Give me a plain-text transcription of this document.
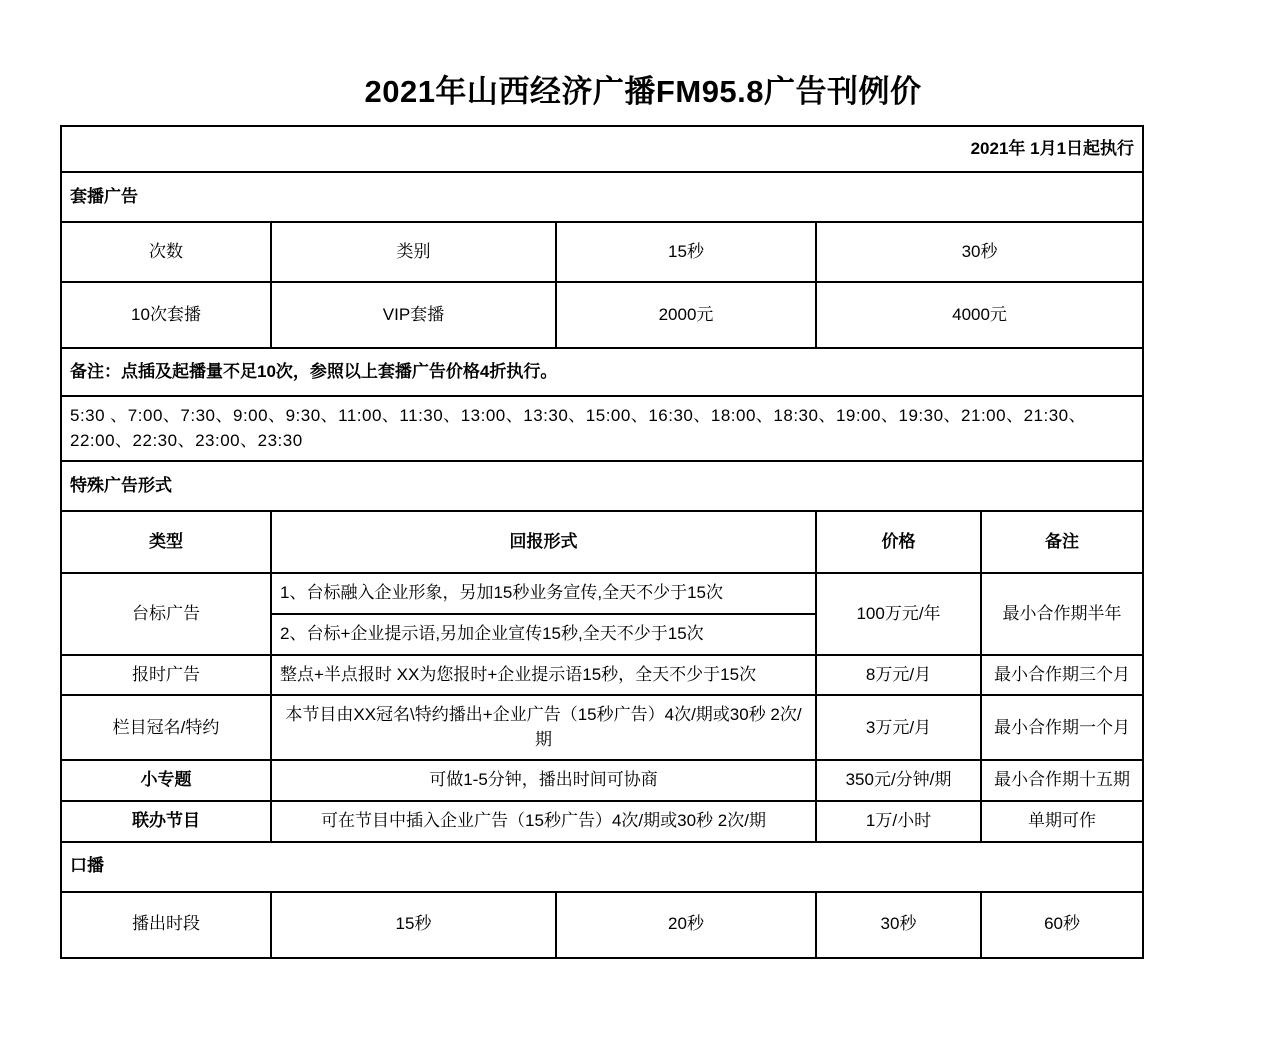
2021年山西经济广播FM95.8广告刊例价
2021年 1月1日起执行				
套播广告				
次数	类别	15秒	30秒	
10次套播	VIP套播	2000元	4000元	
备注：点插及起播量不足10次，参照以上套播广告价格4折执行。				
5:30 、7:00、7:30、9:00、9:30、11:00、11:30、13:00、13:30、15:00、16:30、18:00、18:30、19:00、19:30、21:00、21:30、22:00、22:30、23:00、23:30				
特殊广告形式				
类型	回报形式		价格	备注
台标广告	1、台标融入企业形象，另加15秒业务宣传,全天不少于15次		100万元/年	最小合作期半年
	2、台标+企业提示语,另加企业宣传15秒,全天不少于15次			
报时广告	整点+半点报时 XX为您报时+企业提示语15秒，全天不少于15次		8万元/月	最小合作期三个月
栏目冠名/特约	本节目由XX冠名\特约播出+企业广告（15秒广告）4次/期或30秒 2次/期		3万元/月	最小合作期一个月
小专题	可做1-5分钟，播出时间可协商		350元/分钟/期	最小合作期十五期
联办节目	可在节目中插入企业广告（15秒广告）4次/期或30秒 2次/期		1万/小时	单期可作
口播				
播出时段	15秒	20秒	30秒	60秒
